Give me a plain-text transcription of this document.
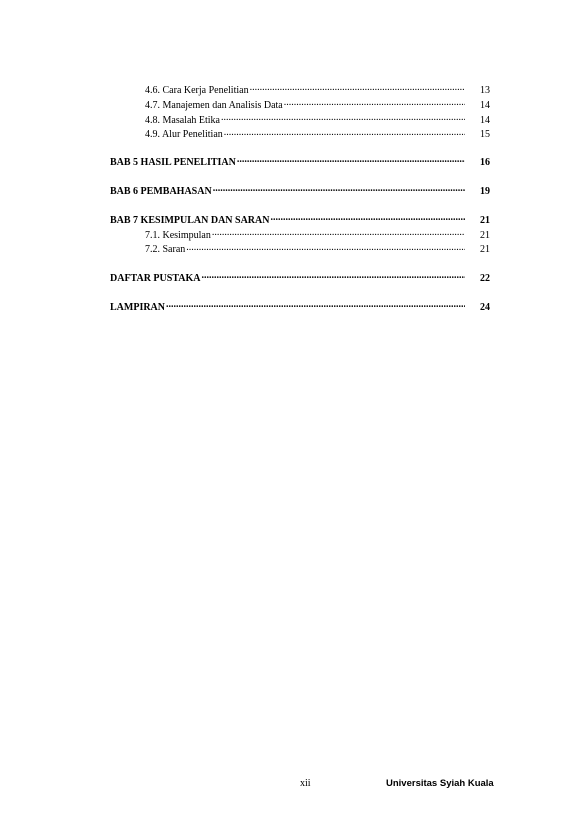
4.6. Cara Kerja Penelitian .....	13
4.7. Manajemen dan Analisis Data .....	14
4.8. Masalah Etika .....	14
4.9. Alur Penelitian .....	15
BAB 5 HASIL PENELITIAN .....	16
BAB 6 PEMBAHASAN .....	19
BAB 7 KESIMPULAN DAN SARAN .....	21
7.1. Kesimpulan .....	21
7.2. Saran .....	21
DAFTAR PUSTAKA .....	22
LAMPIRAN .....	24
xii	Universitas Syiah Kuala
